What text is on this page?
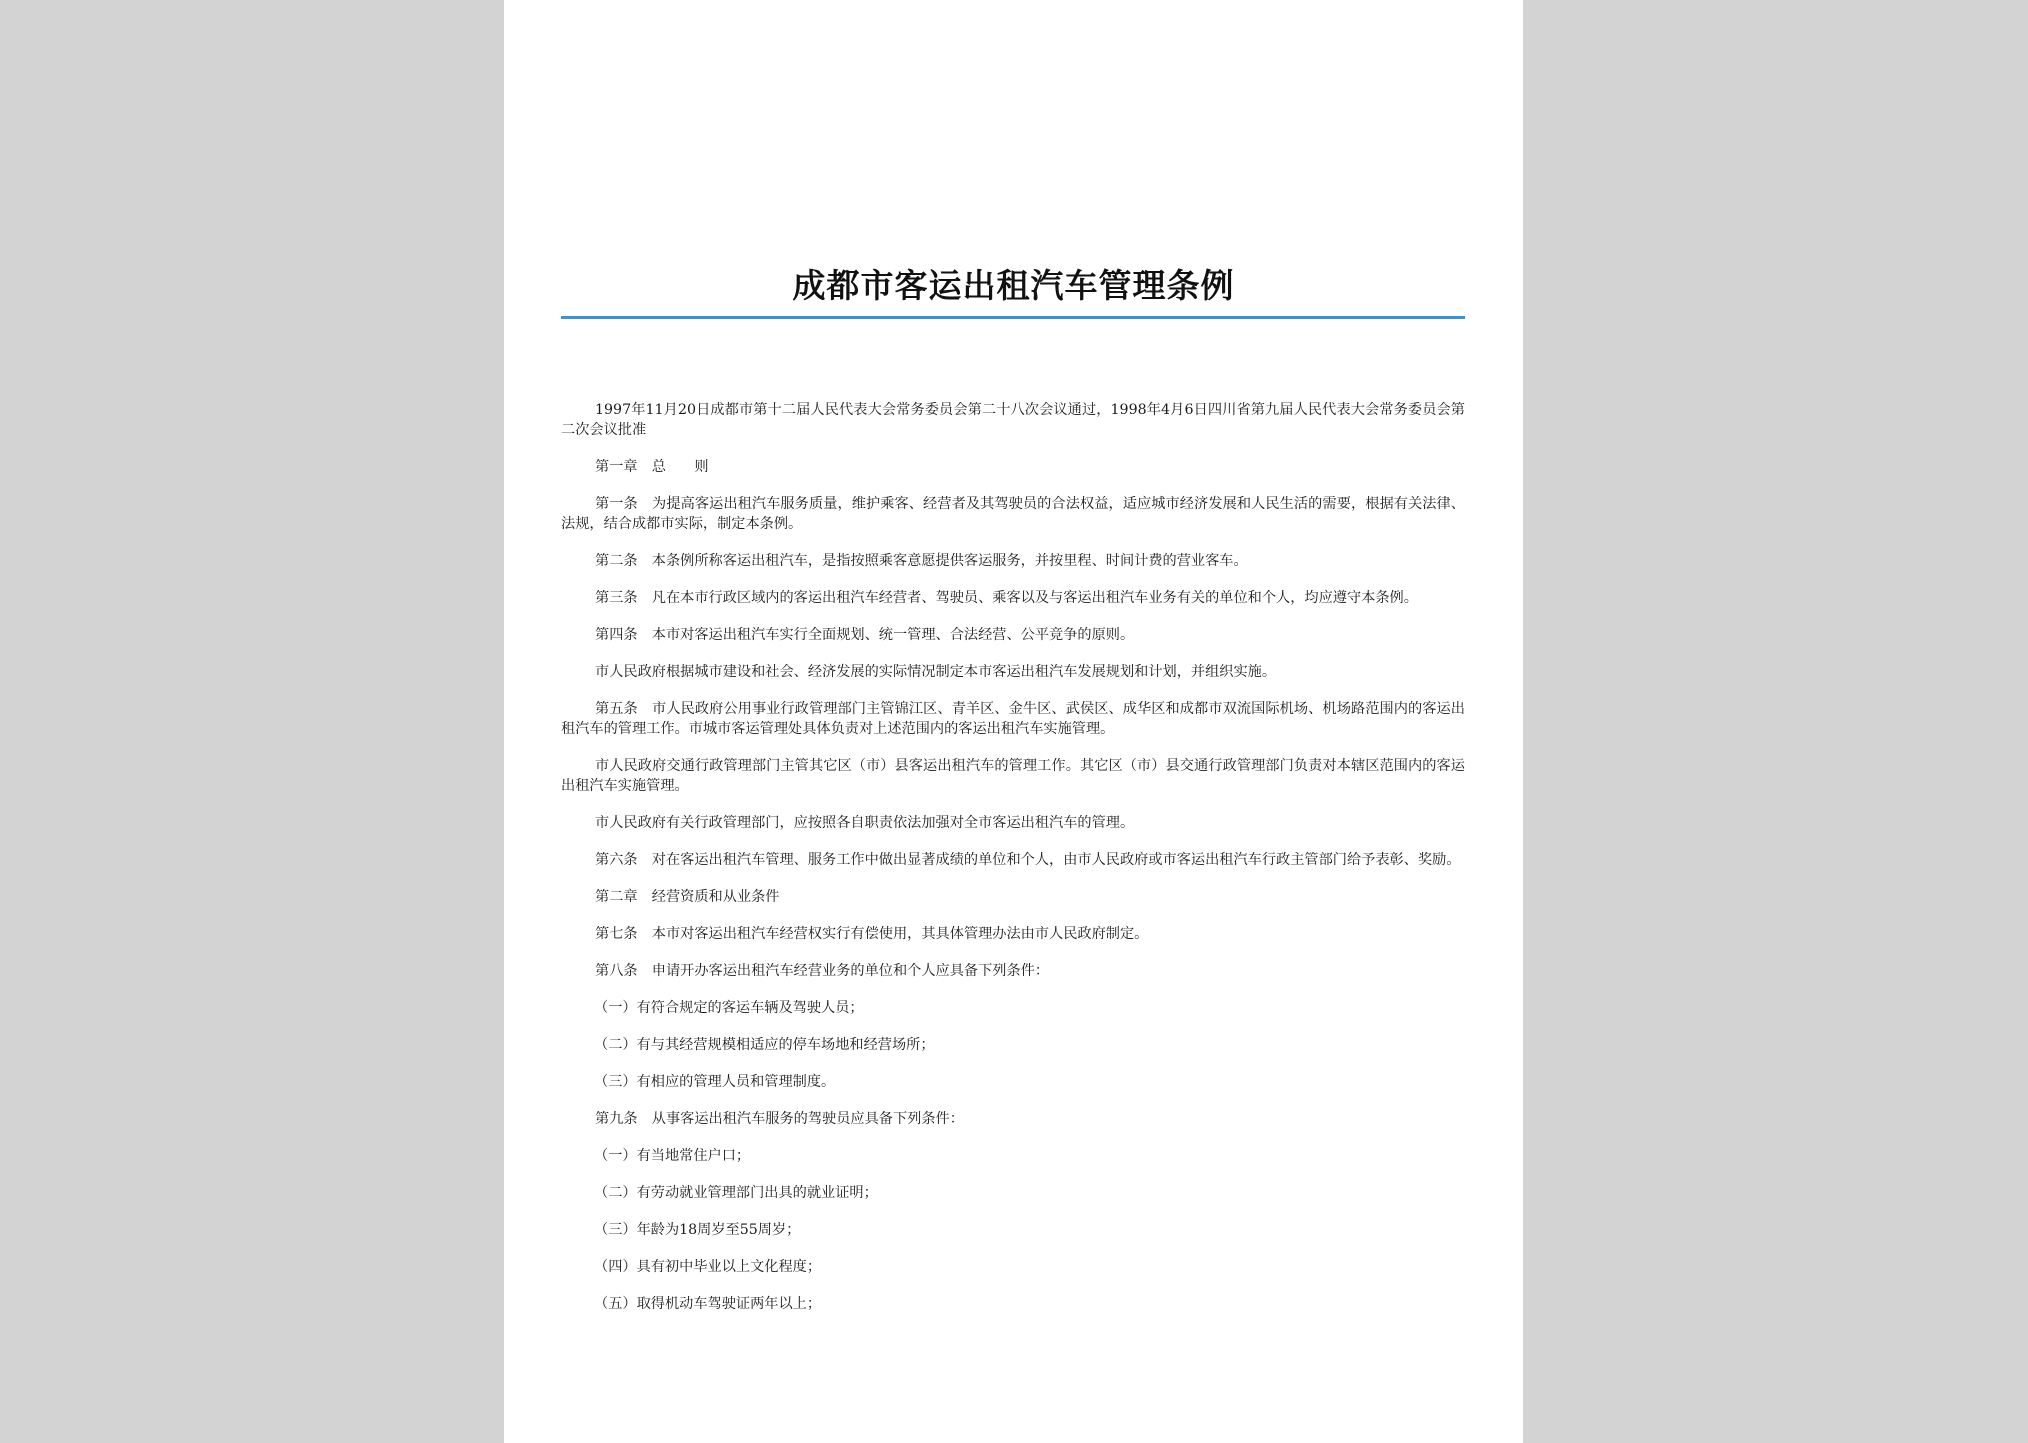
成都市客运出租汽车管理条例

1997年11月20日成都市第十二届人民代表大会常务委员会第二十八次会议通过，1998年4月6日四川省第九届人民代表大会常务委员会第二次会议批准

第一章　总　　则

第一条　为提高客运出租汽车服务质量，维护乘客、经营者及其驾驶员的合法权益，适应城市经济发展和人民生活的需要，根据有关法律、法规，结合成都市实际，制定本条例。

第二条　本条例所称客运出租汽车，是指按照乘客意愿提供客运服务，并按里程、时间计费的营业客车。

第三条　凡在本市行政区域内的客运出租汽车经营者、驾驶员、乘客以及与客运出租汽车业务有关的单位和个人，均应遵守本条例。

第四条　本市对客运出租汽车实行全面规划、统一管理、合法经营、公平竞争的原则。

市人民政府根据城市建设和社会、经济发展的实际情况制定本市客运出租汽车发展规划和计划，并组织实施。

第五条　市人民政府公用事业行政管理部门主管锦江区、青羊区、金牛区、武侯区、成华区和成都市双流国际机场、机场路范围内的客运出租汽车的管理工作。市城市客运管理处具体负责对上述范围内的客运出租汽车实施管理。

市人民政府交通行政管理部门主管其它区（市）县客运出租汽车的管理工作。其它区（市）县交通行政管理部门负责对本辖区范围内的客运出租汽车实施管理。

市人民政府有关行政管理部门，应按照各自职责依法加强对全市客运出租汽车的管理。

第六条　对在客运出租汽车管理、服务工作中做出显著成绩的单位和个人，由市人民政府或市客运出租汽车行政主管部门给予表彰、奖励。

第二章　经营资质和从业条件

第七条　本市对客运出租汽车经营权实行有偿使用，其具体管理办法由市人民政府制定。

第八条　申请开办客运出租汽车经营业务的单位和个人应具备下列条件：

（一）有符合规定的客运车辆及驾驶人员；

（二）有与其经营规模相适应的停车场地和经营场所；

（三）有相应的管理人员和管理制度。

第九条　从事客运出租汽车服务的驾驶员应具备下列条件：

（一）有当地常住户口；

（二）有劳动就业管理部门出具的就业证明；

（三）年龄为18周岁至55周岁；

（四）具有初中毕业以上文化程度；

（五）取得机动车驾驶证两年以上；
